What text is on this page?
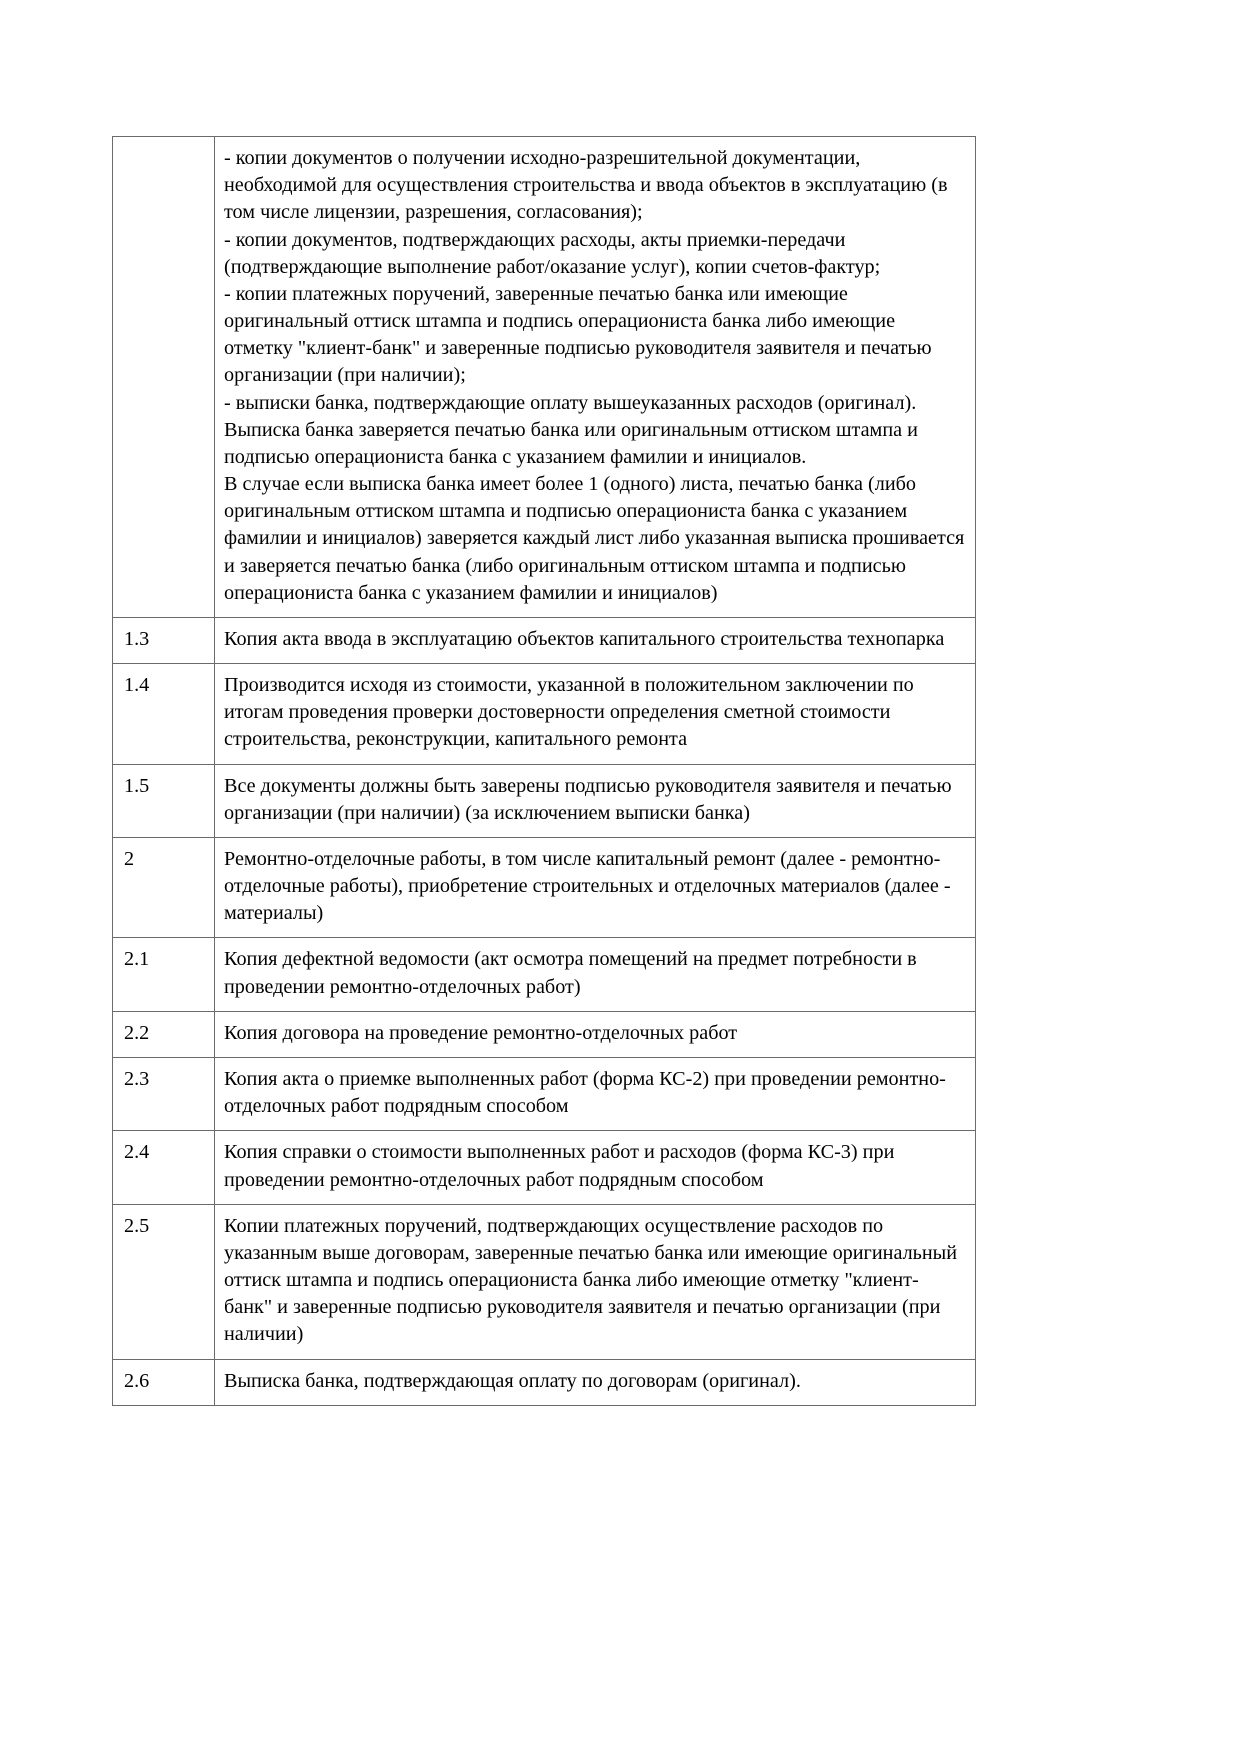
	- копии документов о получении исходно-разрешительной документации, необходимой для осуществления строительства и ввода объектов в эксплуатацию (в том числе лицензии, разрешения, согласования);

- копии документов, подтверждающих расходы, акты приемки-передачи (подтверждающие выполнение работ/оказание услуг), копии счетов-фактур;

- копии платежных поручений, заверенные печатью банка или имеющие оригинальный оттиск штампа и подпись операциониста банка либо имеющие отметку "клиент-банк" и заверенные подписью руководителя заявителя и печатью организации (при наличии);

- выписки банка, подтверждающие оплату вышеуказанных расходов (оригинал). Выписка банка заверяется печатью банка или оригинальным оттиском штампа и подписью операциониста банка с указанием фамилии и инициалов.

В случае если выписка банка имеет более 1 (одного) листа, печатью банка (либо оригинальным оттиском штампа и подписью операциониста банка с указанием фамилии и инициалов) заверяется каждый лист либо указанная выписка прошивается и заверяется печатью банка (либо оригинальным оттиском штампа и подписью операциониста банка с указанием фамилии и инициалов)

1.3	Копия акта ввода в эксплуатацию объектов капитального строительства технопарка

1.4	Производится исходя из стоимости, указанной в положительном заключении по итогам проведения проверки достоверности определения сметной стоимости строительства, реконструкции, капитального ремонта

1.5	Все документы должны быть заверены подписью руководителя заявителя и печатью организации (при наличии) (за исключением выписки банка)

2	Ремонтно-отделочные работы, в том числе капитальный ремонт (далее - ремонтно-отделочные работы), приобретение строительных и отделочных материалов (далее - материалы)

2.1	Копия дефектной ведомости (акт осмотра помещений на предмет потребности в проведении ремонтно-отделочных работ)

2.2	Копия договора на проведение ремонтно-отделочных работ

2.3	Копия акта о приемке выполненных работ (форма КС-2) при проведении ремонтно-отделочных работ подрядным способом

2.4	Копия справки о стоимости выполненных работ и расходов (форма КС-3) при проведении ремонтно-отделочных работ подрядным способом

2.5	Копии платежных поручений, подтверждающих осуществление расходов по указанным выше договорам, заверенные печатью банка или имеющие оригинальный оттиск штампа и подпись операциониста банка либо имеющие отметку "клиент-банк" и заверенные подписью руководителя заявителя и печатью организации (при наличии)

2.6	Выписка банка, подтверждающая оплату по договорам (оригинал).
